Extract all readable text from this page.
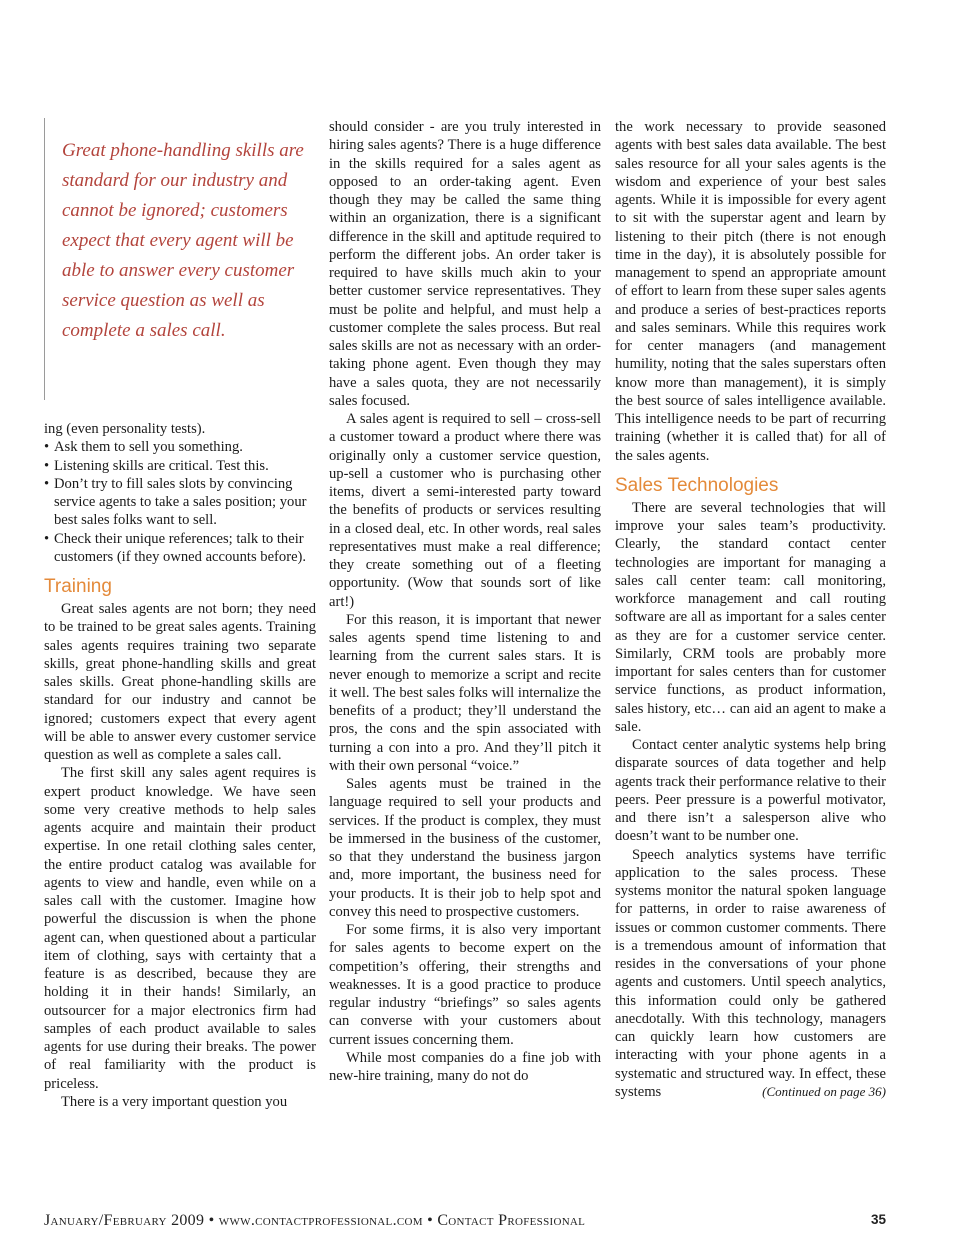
Great phone-handling skills are standard for our industry and cannot be ignored; customers expect that every agent will be able to answer every customer service question as well as complete a sales call.

ing (even personality tests).

• Ask them to sell you something.
• Listening skills are critical. Test this.
• Don’t try to fill sales slots by convincing service agents to take a sales position; your best sales folks want to sell.
• Check their unique references; talk to their customers (if they owned accounts before).
Training

Great sales agents are not born; they need to be trained to be great sales agents. Training sales agents requires training two separate skills, great phone-handling skills and great sales skills. Great phone-handling skills are standard for our industry and cannot be ignored; customers expect that every agent will be able to answer every customer service question as well as complete a sales call.

The first skill any sales agent requires is expert product knowledge. We have seen some very creative methods to help sales agents acquire and maintain their product expertise. In one retail clothing sales center, the entire product catalog was available for agents to view and handle, even while on a sales call with the customer. Imagine how powerful the discussion is when the phone agent can, when questioned about a particular item of clothing, says with certainty that a feature is as described, because they are holding it in their hands! Similarly, an outsourcer for a major electronics firm had samples of each product available to sales agents for use during their breaks. The power of real familiarity with the product is priceless.

There is a very important question you

should consider - are you truly interested in hiring sales agents? There is a huge difference in the skills required for a sales agent as opposed to an order-taking agent. Even though they may be called the same thing within an organization, there is a significant difference in the skill and aptitude required to perform the different jobs. An order taker is required to have skills much akin to your better customer service representatives. They must be polite and helpful, and must help a customer complete the sales process. But real sales skills are not as necessary with an order-taking phone agent. Even though they may have a sales quota, they are not necessarily sales focused.

A sales agent is required to sell – cross-sell a customer toward a product where there was originally only a customer service question, up-sell a customer who is purchasing other items, divert a semi-interested party toward the benefits of products or services resulting in a closed deal, etc. In other words, real sales representatives must make a real difference; they create something out of a fleeting opportunity. (Wow that sounds sort of like art!)

For this reason, it is important that newer sales agents spend time listening to and learning from the current sales stars. It is never enough to memorize a script and recite it well. The best sales folks will internalize the benefits of a product; they’ll understand the pros, the cons and the spin associated with turning a con into a pro. And they’ll pitch it with their own personal “voice.”

Sales agents must be trained in the language required to sell your products and services. If the product is complex, they must be immersed in the business of the customer, so that they understand the business jargon and, more important, the business need for your products. It is their job to help spot and convey this need to prospective customers.

For some firms, it is also very important for sales agents to become expert on the competition’s offering, their strengths and weaknesses. It is a good practice to produce regular industry “briefings” so sales agents can converse with your customers about current issues concerning them.

While most companies do a fine job with new-hire training, many do not do

the work necessary to provide seasoned agents with best sales data available. The best sales resource for all your sales agents is the wisdom and experience of your best sales agents. While it is impossible for every agent to sit with the superstar agent and learn by listening to their pitch (there is not enough time in the day), it is absolutely possible for management to spend an appropriate amount of effort to learn from these super sales agents and produce a series of best-practices reports and sales seminars. While this requires work for center managers (and management humility, noting that the sales superstars often know more than management), it is simply the best source of sales intelligence available. This intelligence needs to be part of recurring training (whether it is called that) for all of the sales agents.

Sales Technologies

There are several technologies that will improve your sales team’s productivity. Clearly, the standard contact center technologies are important for managing a sales call center team: call monitoring, workforce management and call routing software are all as important for a sales center as they are for a customer service center. Similarly, CRM tools are probably more important for sales centers than for customer service functions, as product information, sales history, etc… can aid an agent to make a sale.

Contact center analytic systems help bring disparate sources of data together and help agents track their performance relative to their peers. Peer pressure is a powerful motivator, and there isn’t a salesperson alive who doesn’t want to be number one.

Speech analytics systems have terrific application to the sales process. These systems monitor the natural spoken language for patterns, in order to raise awareness of issues or common customer comments. There is a tremendous amount of information that resides in the conversations of your phone agents and customers. Until speech analytics, this information could only be gathered anecdotally. With this technology, managers can quickly learn how customers are interacting with your phone agents in a systematic and structured way. In effect, these systems	(Continued on page 36)

January/February 2009 • www.contactprofessional.com • Contact Professional	35
